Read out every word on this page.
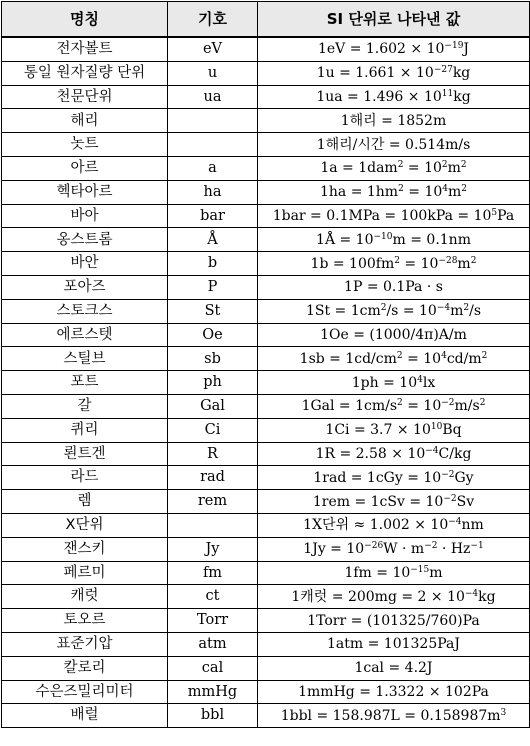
명칭	기호	SI 단위로 나타낸 값
전자볼트	eV	$1eV = 1.602 \times 10^{-19}J$
통일 원자질량 단위	u	$1u = 1.661 \times 10^{-27}kg$
천문단위	ua	$1ua = 1.496 \times 10^{11}kg$
해리		1해리 = 1852m
놋트		1해리/시간 = 0.514m/s
아르	a	$1a = 1dam^2 = 10^2m^2$
헥타아르	ha	$1ha = 1hm^2 = 10^4m^2$
바아	bar	$1bar = 0.1MPa = 100kPa = 10^5Pa$
옹스트롬	Å	1Å = $10^{-10}m = 0.1nm$
바안	b	$1b = 100fm^2 = 10^{-28}m^2$
포아즈	P	1P = 0.1Pa · s
스토크스	St	$1St = 1cm^2/s = 10^{-4}m^2/s$
에르스텟	Oe	1Oe = (1000/4π)A/m
스틸브	sb	$1sb = 1cd/cm^2 = 10^4cd/m^2$
포트	ph	$1ph = 10^4lx$
갈	Gal	$1Gal = 1cm/s^2 = 10^{-2}m/s^2$
퀴리	Ci	$1Ci = 3.7 \times 10^{10}Bq$
뢴트겐	R	$1R = 2.58 \times 10^{-4}C/kg$
라드	rad	$1rad = 1cGy = 10^{-2}Gy$
렘	rem	$1rem = 1cSv = 10^{-2}Sv$
X단위		1X단위 ≈ $1.002 \times 10^{-4}nm$
잰스키	Jy	$1Jy = 10^{-26}W \cdot m^{-2} \cdot Hz^{-1}$
페르미	fm	$1fm = 10^{-15}m$
캐럿	ct	1캐럿 = $200mg = 2 \times 10^{-4}kg$
토오르	Torr	1Torr = (101325/760)Pa
표준기압	atm	1atm = 101325PaJ
칼로리	cal	1cal = 4.2J
수은즈밀리미터	mmHg	1mmHg = 1.3322 × 102Pa
배럴	bbl	$1bbl = 158.987L = 0.158987m^3$
